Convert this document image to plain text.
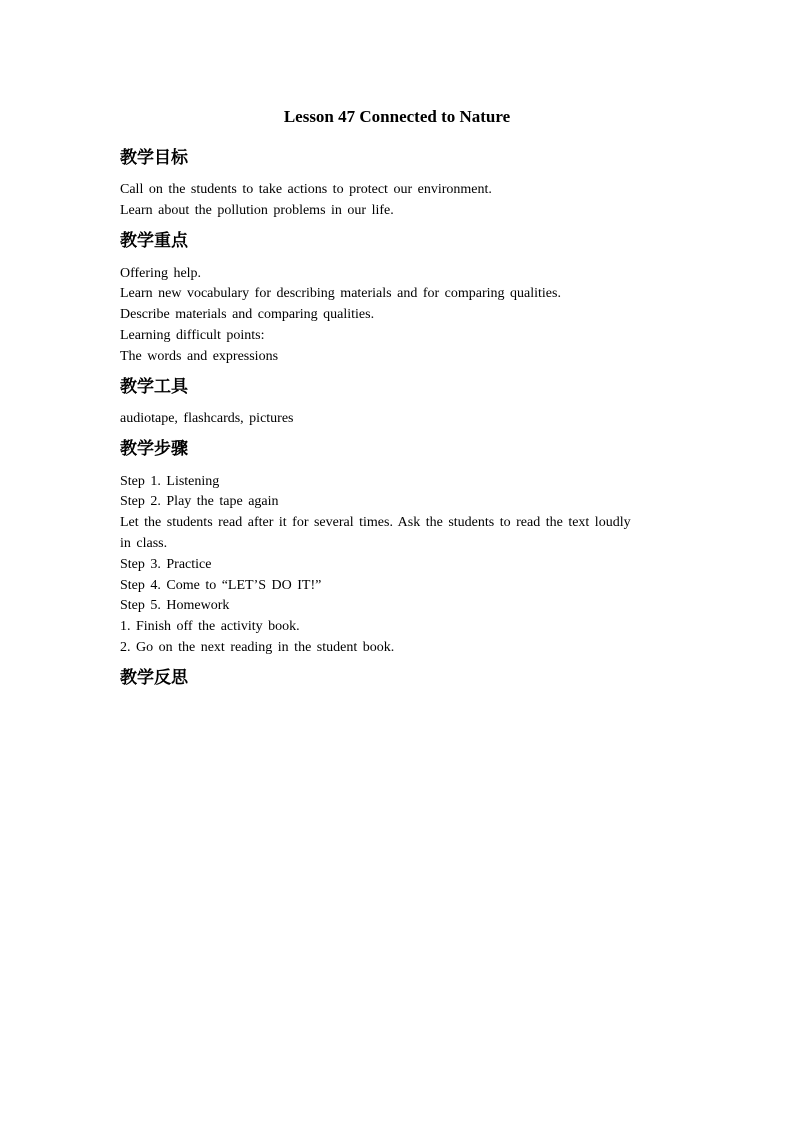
Lesson 47 Connected to Nature
教学目标
Call on the students to take actions to protect our environment.
Learn about the pollution problems in our life.
教学重点
Offering help.
Learn new vocabulary for describing materials and for comparing qualities.
Describe materials and comparing qualities.
Learning difficult points:
The words and expressions
教学工具
audiotape, flashcards, pictures
教学步骤
Step 1. Listening
Step 2. Play the tape again
Let the students read after it for several times. Ask the students to read the text loudly
in class.
Step 3. Practice
Step 4. Come to “LET’S DO IT!”
Step 5. Homework
1. Finish off the activity book.
2. Go on the next reading in the student book.
教学反思
